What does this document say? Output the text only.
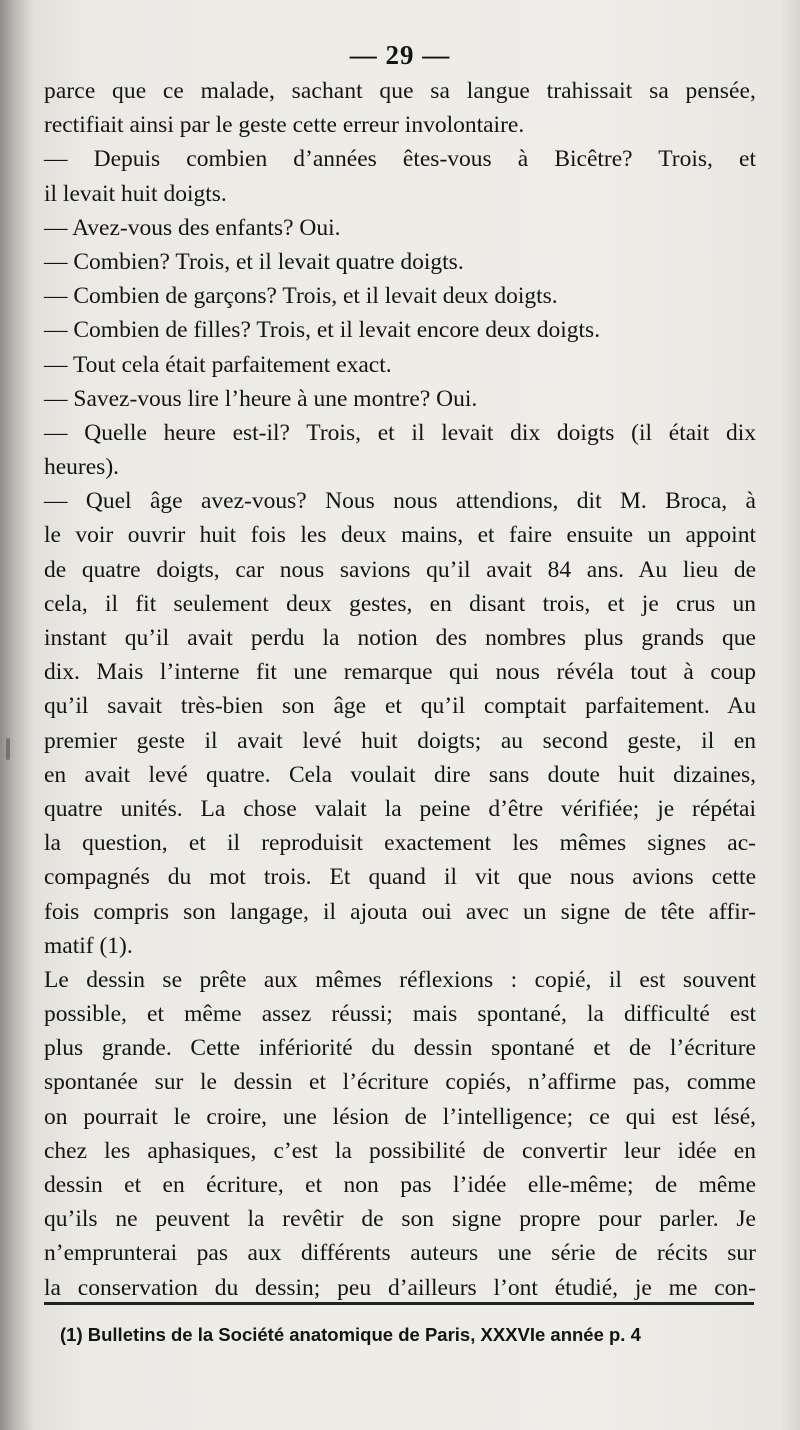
— 29 —
parce que ce malade, sachant que sa langue trahissait sa pensée,
rectifiait ainsi par le geste cette erreur involontaire.
— Depuis combien d’années êtes-vous à Bicêtre? Trois, et
il levait huit doigts.
— Avez-vous des enfants? Oui.
— Combien? Trois, et il levait quatre doigts.
— Combien de garçons? Trois, et il levait deux doigts.
— Combien de filles? Trois, et il levait encore deux doigts.
— Tout cela était parfaitement exact.
— Savez-vous lire l’heure à une montre? Oui.
— Quelle heure est-il? Trois, et il levait dix doigts (il était dix
heures).
— Quel âge avez-vous? Nous nous attendions, dit M. Broca, à
le voir ouvrir huit fois les deux mains, et faire ensuite un appoint
de quatre doigts, car nous savions qu’il avait 84 ans. Au lieu de
cela, il fit seulement deux gestes, en disant trois, et je crus un
instant qu’il avait perdu la notion des nombres plus grands que
dix. Mais l’interne fit une remarque qui nous révéla tout à coup
qu’il savait très-bien son âge et qu’il comptait parfaitement. Au
premier geste il avait levé huit doigts; au second geste, il en
en avait levé quatre. Cela voulait dire sans doute huit dizaines,
quatre unités. La chose valait la peine d’être vérifiée; je répétai
la question, et il reproduisit exactement les mêmes signes ac-
compagnés du mot trois. Et quand il vit que nous avions cette
fois compris son langage, il ajouta oui avec un signe de tête affir-
matif (1).
Le dessin se prête aux mêmes réflexions : copié, il est souvent
possible, et même assez réussi; mais spontané, la difficulté est
plus grande. Cette infériorité du dessin spontané et de l’écriture
spontanée sur le dessin et l’écriture copiés, n’affirme pas, comme
on pourrait le croire, une lésion de l’intelligence; ce qui est lésé,
chez les aphasiques, c’est la possibilité de convertir leur idée en
dessin et en écriture, et non pas l’idée elle-même; de même
qu’ils ne peuvent la revêtir de son signe propre pour parler. Je
n’emprunterai pas aux différents auteurs une série de récits sur
la conservation du dessin; peu d’ailleurs l’ont étudié, je me con-
(1) Bulletins de la Société anatomique de Paris, XXXVIe année p. 4
